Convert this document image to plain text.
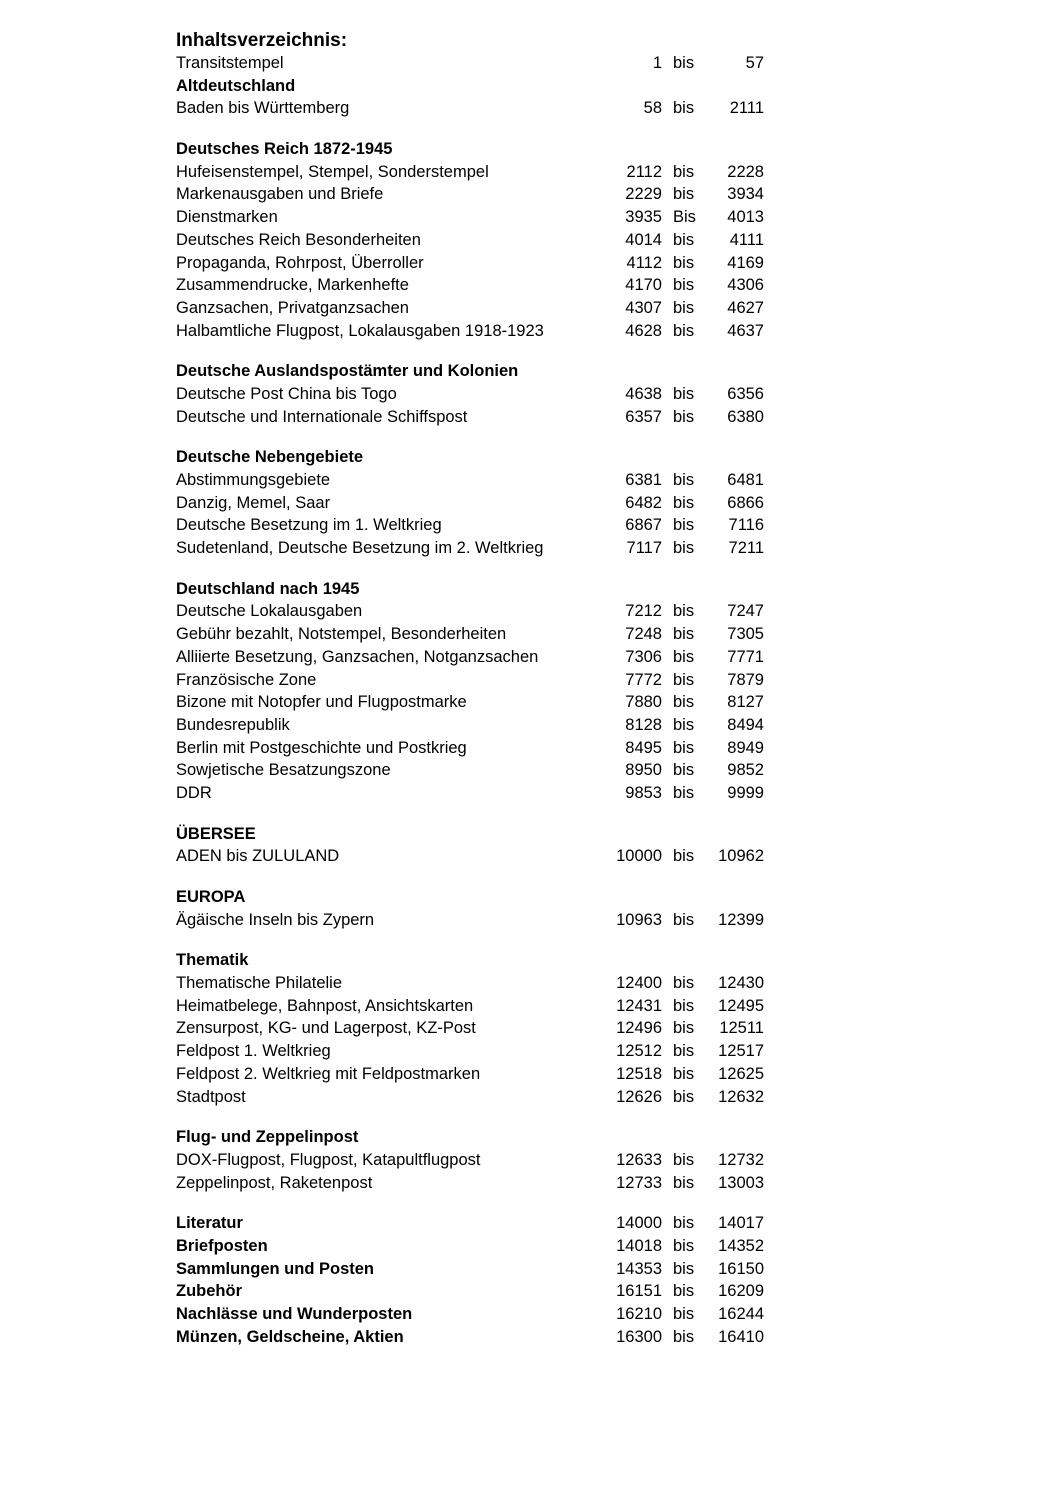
Inhaltsverzeichnis:
Transitstempel	1 bis	57
Altdeutschland
Baden bis Württemberg	58 bis 2111
Deutsches Reich 1872-1945
Hufeisenstempel, Stempel, Sonderstempel	2112 bis 2228
Markenausgaben und Briefe	2229 bis 3934
Dienstmarken	3935 Bis 4013
Deutsches Reich Besonderheiten	4014 bis 4111
Propaganda, Rohrpost, Überroller	4112 bis 4169
Zusammendrucke, Markenhefte	4170 bis 4306
Ganzsachen, Privatganzsachen	4307 bis 4627
Halbamtliche Flugpost, Lokalausgaben 1918-1923	4628 bis 4637
Deutsche Auslandspostämter und Kolonien
Deutsche Post China bis Togo	4638 bis 6356
Deutsche und Internationale Schiffspost	6357 bis 6380
Deutsche Nebengebiete
Abstimmungsgebiete	6381 bis 6481
Danzig, Memel, Saar	6482 bis 6866
Deutsche Besetzung im 1. Weltkrieg	6867 bis 7116
Sudetenland, Deutsche Besetzung im 2. Weltkrieg	7117 bis 7211
Deutschland nach 1945
Deutsche Lokalausgaben	7212 bis 7247
Gebühr bezahlt, Notstempel, Besonderheiten	7248 bis 7305
Alliierte Besetzung, Ganzsachen, Notganzsachen	7306 bis 7771
Französische Zone	7772 bis 7879
Bizone mit Notopfer und Flugpostmarke	7880 bis 8127
Bundesrepublik	8128 bis 8494
Berlin mit Postgeschichte und Postkrieg	8495 bis 8949
Sowjetische Besatzungszone	8950 bis 9852
DDR	9853 bis 9999
ÜBERSEE
ADEN bis ZULULAND	10000 bis 10962
EUROPA
Ägäische Inseln bis Zypern	10963 bis 12399
Thematik
Thematische Philatelie	12400 bis 12430
Heimatbelege, Bahnpost, Ansichtskarten	12431 bis 12495
Zensurpost, KG- und Lagerpost, KZ-Post	12496 bis 12511
Feldpost 1. Weltkrieg	12512 bis 12517
Feldpost 2. Weltkrieg mit Feldpostmarken	12518 bis 12625
Stadtpost	12626 bis 12632
Flug- und Zeppelinpost
DOX-Flugpost, Flugpost, Katapultflugpost	12633 bis 12732
Zeppelinpost, Raketenpost	12733 bis 13003
Literatur	14000 bis 14017
Briefposten	14018 bis 14352
Sammlungen und Posten	14353 bis 16150
Zubehör	16151 bis 16209
Nachlässe und Wunderposten	16210 bis 16244
Münzen, Geldscheine, Aktien	16300 bis 16410
